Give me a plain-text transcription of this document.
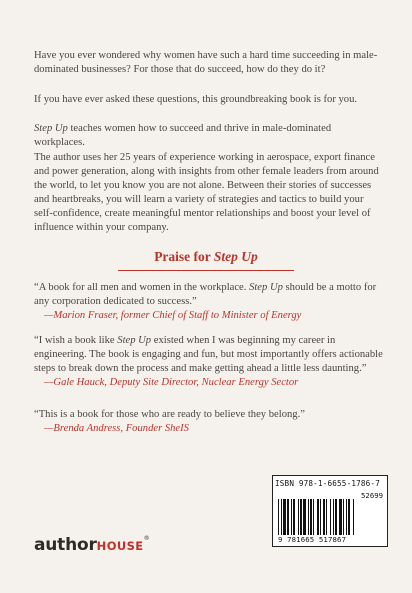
Have you ever wondered why women have such a hard time succeeding in male-dominated businesses? For those that do succeed, how do they do it?

If you have ever asked these questions, this groundbreaking book is for you.

Step Up teaches women how to succeed and thrive in male-dominated workplaces.

The author uses her 25 years of experience working in aerospace, export finance and power generation, along with insights from other female leaders from around the world, to let you know you are not alone. Between their stories of successes and heartbreaks, you will learn a variety of strategies and tactics to build your self-confidence, create meaningful mentor relationships and boost your level of influence within your company.

Praise for Step Up

“A book for all men and women in the workplace. Step Up should be a motto for any corporation dedicated to success.”
—Marion Fraser, former Chief of Staff to Minister of Energy

“I wish a book like Step Up existed when I was beginning my career in engineering. The book is engaging and fun, but most importantly offers actionable steps to break down the process and make getting ahead a little less daunting.”
—Gale Hauck, Deputy Site Director, Nuclear Energy Sector

“This is a book for those who are ready to believe they belong.”
—Brenda Andress, Founder SheIS

ISBN 978-1-6655-1786-7
52699
9 781665 517867
authorHOUSE®
